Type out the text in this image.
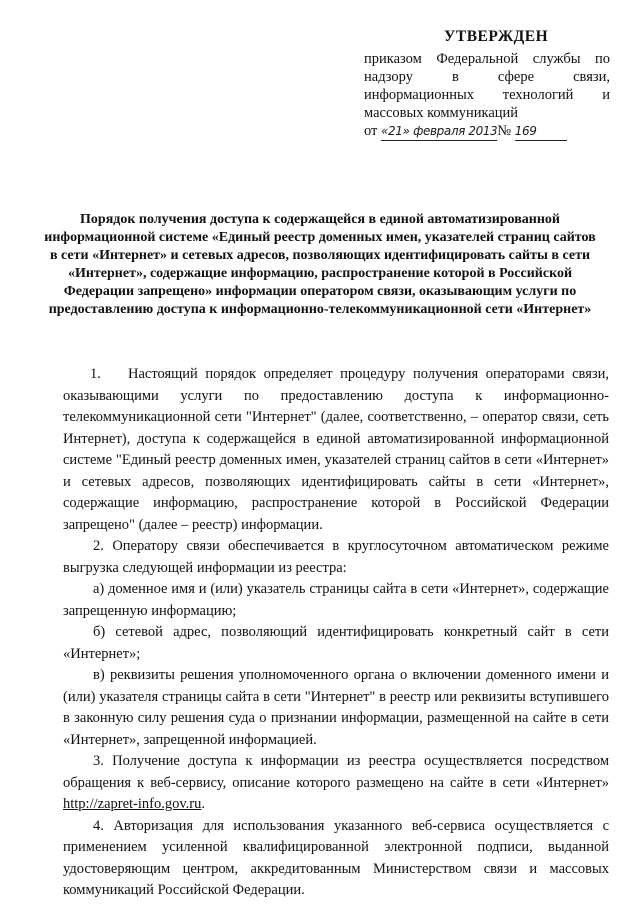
УТВЕРЖДЕН
приказом Федеральной службы по надзору в сфере связи, информационных технологий и массовых коммуникаций
от «21» февраля 2013№ 169
Порядок получения доступа к содержащейся в единой автоматизированной информационной системе «Единый реестр доменных имен, указателей страниц сайтов в сети «Интернет» и сетевых адресов, позволяющих идентифицировать сайты в сети «Интернет», содержащие информацию, распространение которой в Российской Федерации запрещено» информации оператором связи, оказывающим услуги по предоставлению доступа к информационно-телекоммуникационной сети «Интернет»

1. Настоящий порядок определяет процедуру получения операторами связи, оказывающими услуги по предоставлению доступа к информационно-телекоммуникационной сети "Интернет" (далее, соответственно, – оператор связи, сеть Интернет), доступа к содержащейся в единой автоматизированной информационной системе "Единый реестр доменных имен, указателей страниц сайтов в сети «Интернет» и сетевых адресов, позволяющих идентифицировать сайты в сети «Интернет», содержащие информацию, распространение которой в Российской Федерации запрещено" (далее – реестр) информации.

2. Оператору связи обеспечивается в круглосуточном автоматическом режиме выгрузка следующей информации из реестра:

а) доменное имя и (или) указатель страницы сайта в сети «Интернет», содержащие запрещенную информацию;

б) сетевой адрес, позволяющий идентифицировать конкретный сайт в сети «Интернет»;

в) реквизиты решения уполномоченного органа о включении доменного имени и (или) указателя страницы сайта в сети "Интернет" в реестр или реквизиты вступившего в законную силу решения суда о признании информации, размещенной на сайте в сети «Интернет», запрещенной информацией.

3. Получение доступа к информации из реестра осуществляется посредством обращения к веб-сервису, описание которого размещено на сайте в сети «Интернет» http://zapret-info.gov.ru.

4. Авторизация для использования указанного веб-сервиса осуществляется с применением усиленной квалифицированной электронной подписи, выданной удостоверяющим центром, аккредитованным Министерством связи и массовых коммуникаций Российской Федерации.
